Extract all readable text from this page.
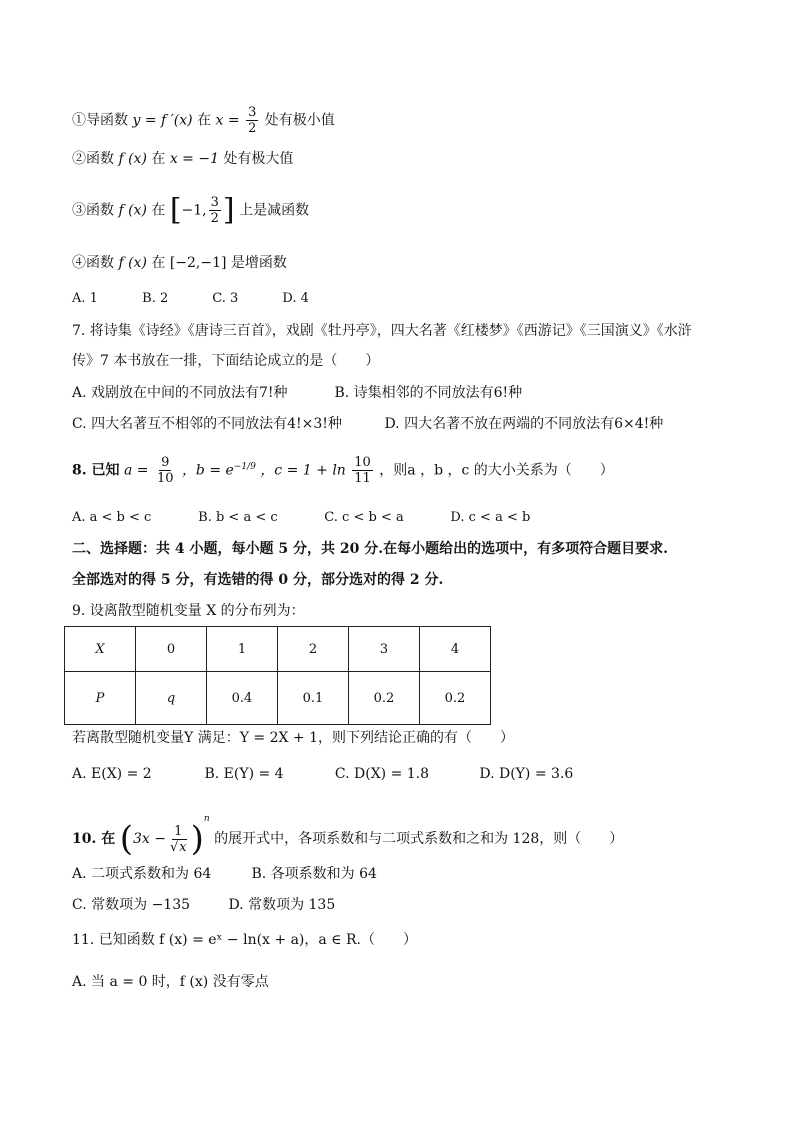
①导函数 y = f ′(x) 在 $x = \frac{3}{2}$ 处有极小值
②函数 f (x) 在 x = −1 处有极大值
③函数 f (x) 在 [−1, $\frac{3}{2}$ ] 上是减函数
④函数 f (x) 在 [−2,−1] 是增函数
A. 1	B. 2	C. 3	D. 4
7. 将诗集《诗经》《唐诗三百首》，戏剧《牡丹亭》，四大名著《红楼梦》《西游记》《三国演义》《水浒
传》7 本书放在一排，下面结论成立的是（　　）
A. 戏剧放在中间的不同放法有7!种	B. 诗集相邻的不同放法有6!种
C. 四大名著互不相邻的不同放法有4!×3!种	D. 四大名著不放在两端的不同放法有6×4!种
8. 已知 $a = \frac{9}{10}$ ，$b = e^{-1/9}$ ，$c = 1 + \ln \frac{10}{11}$ ，则a ，b ，c 的大小关系为（　　）
A. a < b < c	B. b < a < c	C. c < b < a	D. c < a < b
二、选择题：共 4 小题，每小题 5 分，共 20 分.在每小题给出的选项中，有多项符合题目要求.
全部选对的得 5 分，有选错的得 0 分，部分选对的得 2 分.
9. 设离散型随机变量 X 的分布列为：
X	0	1	2	3	4
P	q	0.4	0.1	0.2	0.2
若离散型随机变量Y 满足：Y = 2X + 1，则下列结论正确的有（　　）
A. E(X) = 2	B. E(Y) = 4	C. D(X) = 1.8	D. D(Y) = 3.6
10. 在 $(3x - \frac{1}{√x} )^n$ 的展开式中，各项系数和与二项式系数和之和为 128，则（　　）
A. 二项式系数和为 64	B. 各项系数和为 64
C. 常数项为 −135	D. 常数项为 135
11. 已知函数 f (x) = eˣ − ln(x + a)，a ∈ R.（　　）
A. 当 a = 0 时，f (x) 没有零点
